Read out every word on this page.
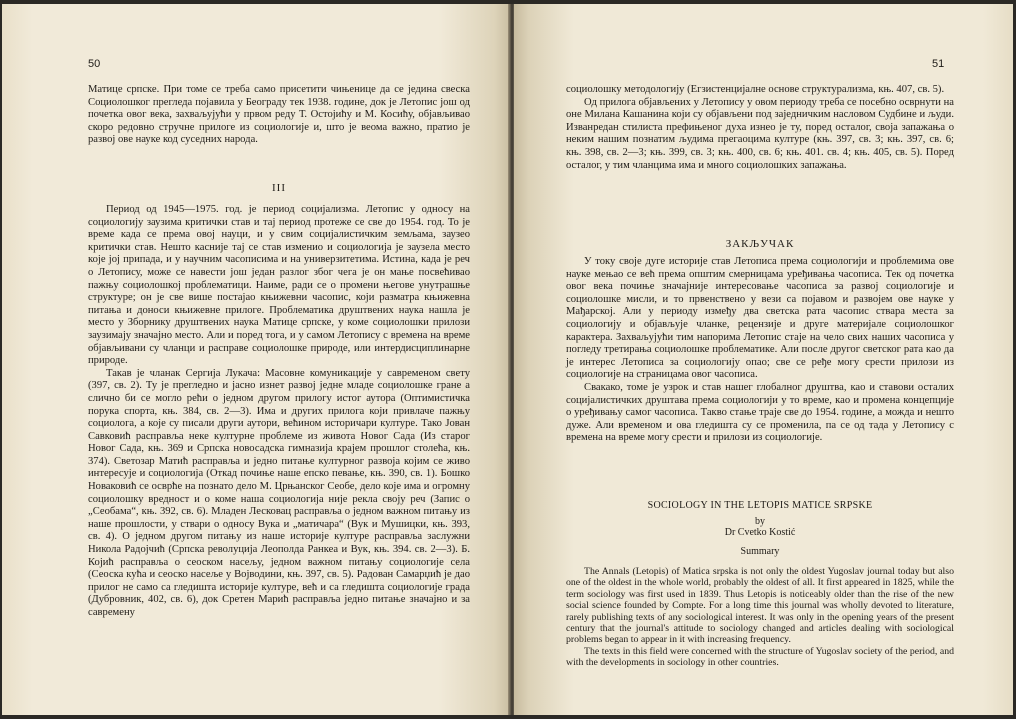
50

Матице српске. При томе се треба само присетити чињенице да се једина свеска Социолошког прегледа појавила у Београду тек 1938. године, док је Летопис још од почетка овог века, захваљујући у првом реду Т. Остојићу и М. Косићу, објављивао скоро редовно стручне прилоге из социологије и, што је веома важно, пратио је развој ове науке код суседних народа.

III

Период од 1945—1975. год. је период социјализма. Летопис у односу на социологију заузима критички став и тај период протеже се све до 1954. год. То је време када се према овој науци, и у свим социјалистичким земљама, заузео критички став. Нешто касније тај се став изменио и социологија је заузела место које јој припада, и у научним часописима и на универзитетима. Истина, када је реч о Летопису, може се навести још један разлог због чега је он мање посвећивао пажњу социолошкој проблематици. Наиме, ради се о промени његове унутрашње структуре; он је све више постајао књижевни часопис, који разматра књижевна питања и доноси књижевне прилоге. Проблематика друштвених наука нашла је место у Зборнику друштвених наука Матице српске, у коме социолошки прилози заузимају значајно место. Али и поред тога, и у самом Летопису с времена на време објављивани су чланци и расправе социолошке природе, или интердисциплинарне природе.

Такав је чланак Сергија Лукача: Масовне комуникације у савременом свету (397, св. 2). Ту је прегледно и јасно изнет развој једне младе социолошке гране а слично би се могло рећи о једном другом прилогу истог аутора (Оптимистичка порука спорта, књ. 384, св. 2—3). Има и других прилога који привлаче пажњу социолога, а које су писали други аутори, већином историчари културе. Тако Јован Савковић расправља неке културне проблеме из живота Новог Сада (Из старог Новог Сада, књ. 369 и Српска новосадска гимназија крајем прошлог столећа, књ. 374). Светозар Матић расправља и једно питање културног развоја којим се живо интересује и социологија (Откад почиње наше епско певање, књ. 390, св. 1). Бошко Новаковић се осврће на познато дело М. Црњанског Сеобе, дело које има и огромну социолошку вредност и о коме наша социологија није рекла своју реч (Запис о „Сеобама“, књ. 392, св. 6). Младен Лесковац расправља о једном важном питању из наше прошлости, у ствари о односу Вука и „матичара“ (Вук и Мушицки, књ. 393, св. 4). О једном другом питању из наше историје културе расправља заслужни Никола Радојчић (Српска револуција Леополда Ранкеа и Вук, књ. 394. св. 2—3). Б. Којић расправља о сеоском насељу, једном важном питању социологије села (Сеоска кућа и сеоско насеље у Војводини, књ. 397, св. 5). Радован Самарџић је дао прилог не само са гледишта историје културе, већ и са гледишта социологије града (Дубровник, 402, св. 6), док Сретен Марић расправља једно питање значајно и за савремену

51

социолошку методологију (Егзистенцијалне основе структурализма, књ. 407, св. 5).

Од прилога објављених у Летопису у овом периоду треба се посебно осврнути на оне Милана Кашанина који су објављени под заједничким насловом Судбине и људи. Изванредан стилиста префињеног духа изнео је ту, поред осталог, своја запажања о неким нашим познатим људима прегаоцима културе (књ. 397, св. 3; књ. 397, св. 6; књ. 398, св. 2—3; књ. 399, св. 3; књ. 400, св. 6; књ. 401. св. 4; књ. 405, св. 5). Поред осталог, у тим чланцима има и много социолошких запажања.

ЗАКЉУЧАК

У току своје дуге историје став Летописа према социологији и проблемима ове науке мењао се већ према општим смерницама уређивања часописа. Тек од почетка овог века почиње значајније интересовање часописа за развој социологије и социолошке мисли, и то првенствено у вези са појавом и развојем ове науке у Мађарској. Али у периоду између два светска рата часопис ствара места за социологију и објављује чланке, рецензије и друге материјале социолошког карактера. Захваљујући тим напорима Летопис стаје на чело свих наших часописа у погледу третирања социолошке проблематике. Али после другог светског рата као да је интерес Летописа за социологију опао; све се ређе могу срести прилози из социологије на страницама овог часописа.

Свакако, томе је узрок и став нашег глобалног друштва, као и ставови осталих социјалистичких друштава према социологији у то време, као и промена концепције о уређивању самог часописа. Такво стање траје све до 1954. године, а можда и нешто дуже. Али временом и ова гледишта су се променила, па се од тада у Летопису с времена на време могу срести и прилози из социологије.

SOCIOLOGY IN THE LETOPIS MATICE SRPSKE
by
Dr Cvetko Kostić
Summary

The Annals (Letopis) of Matica srpska is not only the oldest Yugoslav journal today but also one of the oldest in the whole world, probably the oldest of all. It first appeared in 1825, while the term sociology was first used in 1839. Thus Letopis is noticeably older than the rise of the new social science founded by Compte. For a long time this journal was wholly devoted to literature, rarely publishing texts of any sociological interest. It was only in the opening years of the present century that the journal's attitude to sociology changed and articles dealing with sociological problems began to appear in it with increasing frequency.

The texts in this field were concerned with the structure of Yugoslav society of the period, and with the developments in sociology in other countries.
